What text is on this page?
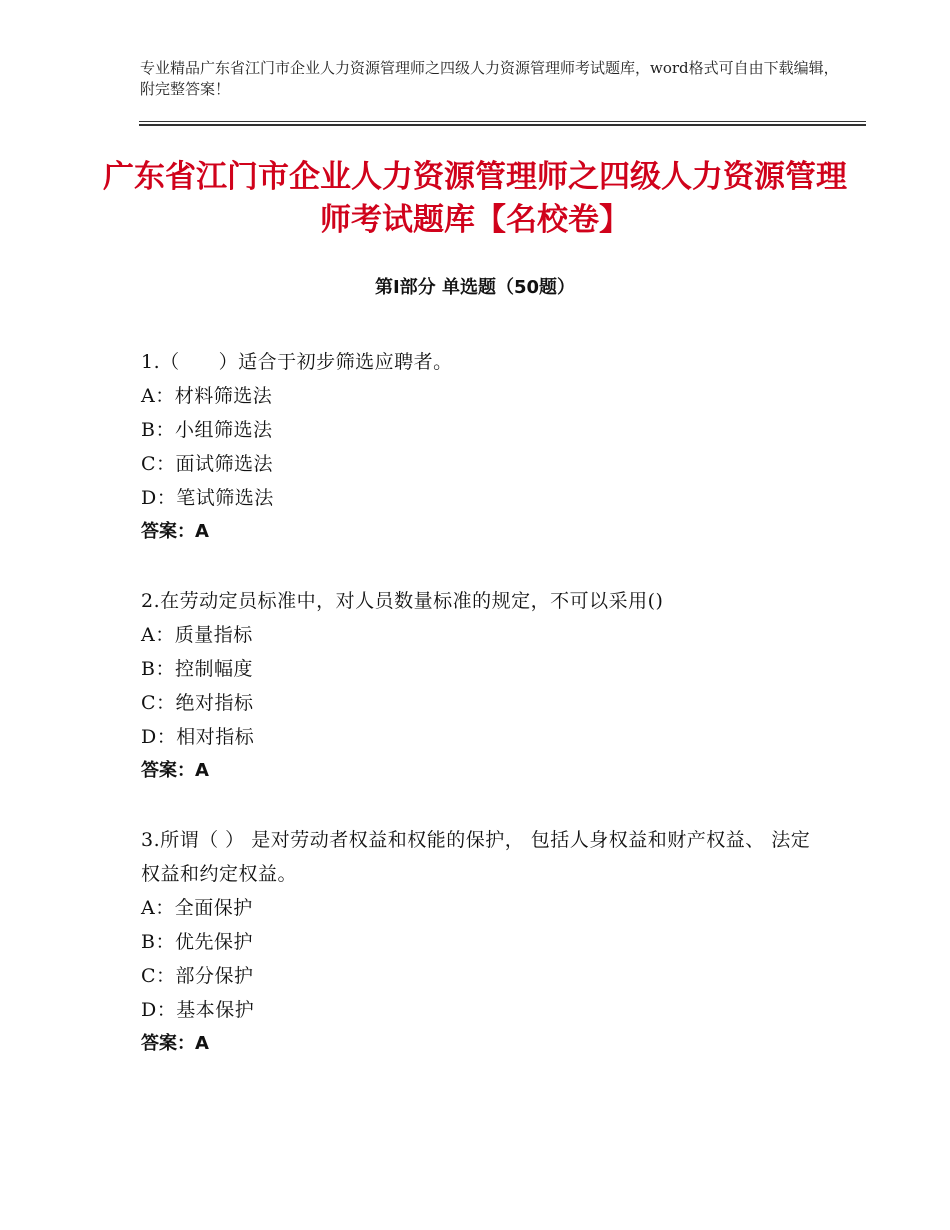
专业精品广东省江门市企业人力资源管理师之四级人力资源管理师考试题库，word格式可自由下载编辑，附完整答案！
广东省江门市企业人力资源管理师之四级人力资源管理师考试题库【名校卷】
第Ⅰ部分 单选题（50题）
1.（　　）适合于初步筛选应聘者。
A：材料筛选法
B：小组筛选法
C：面试筛选法
D：笔试筛选法
答案：A
2.在劳动定员标准中，对人员数量标准的规定，不可以采用()
A：质量指标
B：控制幅度
C：绝对指标
D：相对指标
答案：A
3.所谓（ ） 是对劳动者权益和权能的保护， 包括人身权益和财产权益、 法定权益和约定权益。
A：全面保护
B：优先保护
C：部分保护
D：基本保护
答案：A
